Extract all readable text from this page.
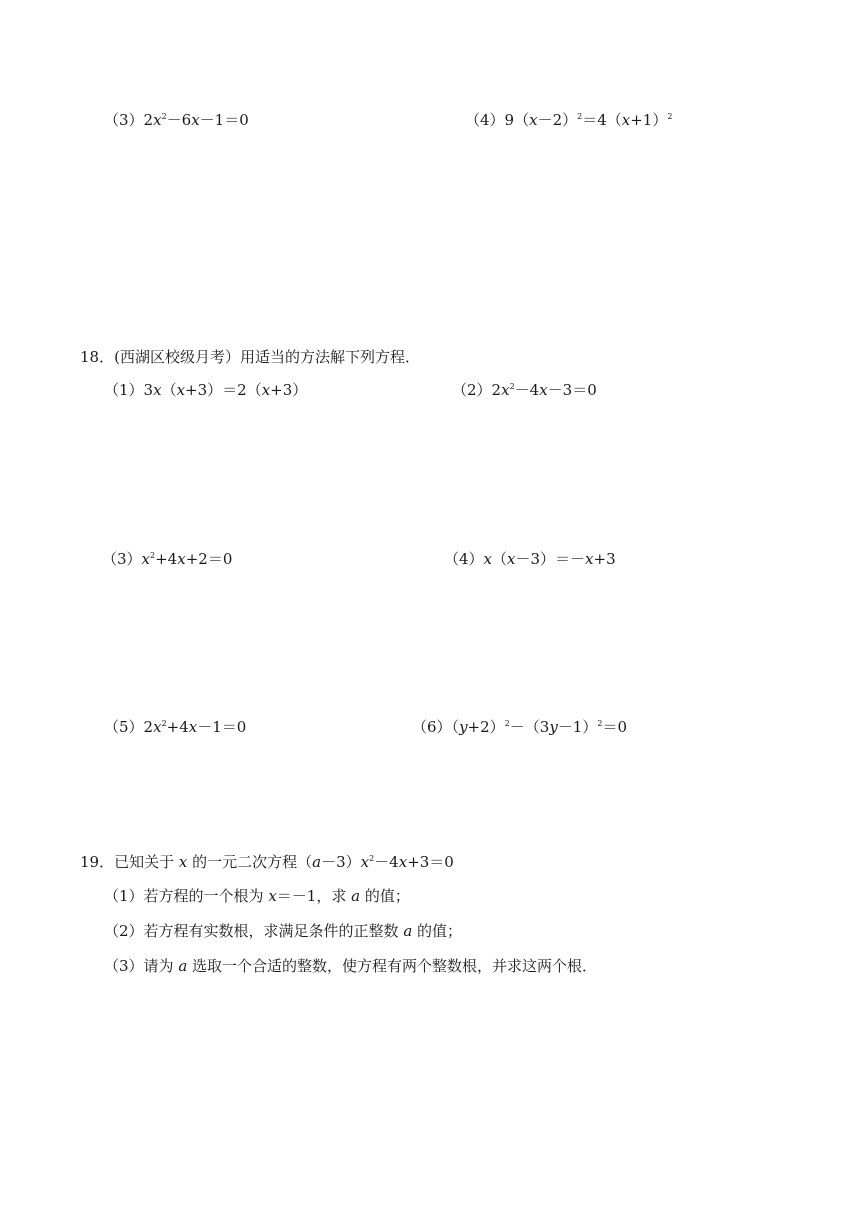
$(3)2x^2-6x-1=0$	$(4)9(x-2)^2=4(x+1)^2$
18．(西湖区校级月考）用适当的方法解下列方程．
（1）3x（x+3）＝2（x+3）	$(2)2x^2-4x-3=0$
$(3)x^2+4x+2=0$	（4）x（x－3）＝－x+3
$(5)2x^2+4x-1=0$	$(6)(y+2)^2-(3y-1)^2=0$
19．已知关于 x 的一元二次方程$(a-3)x^2-4x+3=0$
（1）若方程的一个根为 x＝－1，求 a 的值；
（2）若方程有实数根，求满足条件的正整数 a 的值；
（3）请为 a 选取一个合适的整数，使方程有两个整数根，并求这两个根．
